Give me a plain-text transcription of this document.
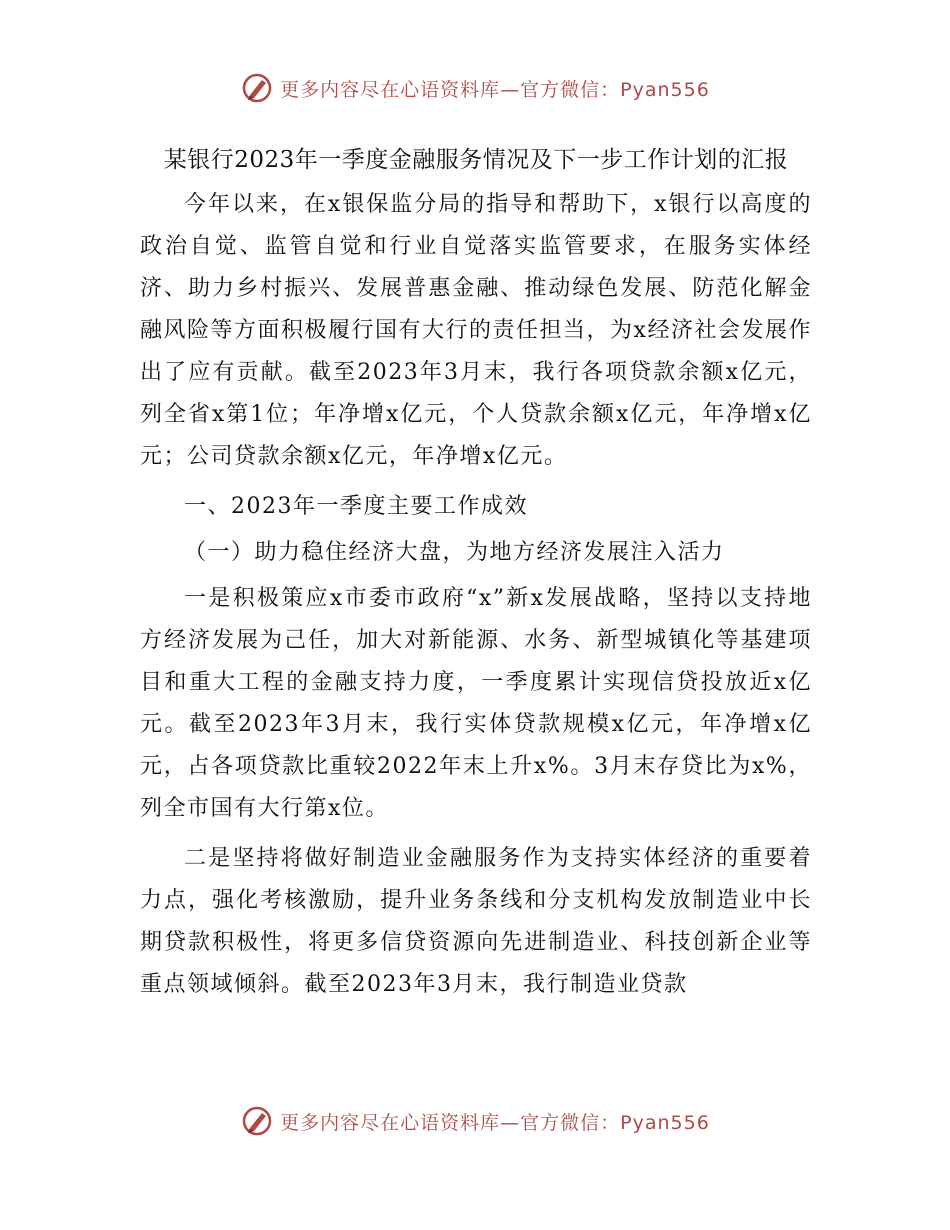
更多内容尽在心语资料库—官方微信：Pyan556

某银行2023年一季度金融服务情况及下一步工作计划的汇报

今年以来，在x银保监分局的指导和帮助下，x银行以高度的政治自觉、监管自觉和行业自觉落实监管要求，在服务实体经济、助力乡村振兴、发展普惠金融、推动绿色发展、防范化解金融风险等方面积极履行国有大行的责任担当，为x经济社会发展作出了应有贡献。截至2023年3月末，我行各项贷款余额x亿元，列全省x第1位；年净增x亿元，个人贷款余额x亿元，年净增x亿元；公司贷款余额x亿元，年净增x亿元。

一、2023年一季度主要工作成效

（一）助力稳住经济大盘，为地方经济发展注入活力

一是积极策应x市委市政府“x”新x发展战略，坚持以支持地方经济发展为己任，加大对新能源、水务、新型城镇化等基建项目和重大工程的金融支持力度，一季度累计实现信贷投放近x亿元。截至2023年3月末，我行实体贷款规模x亿元，年净增x亿元，占各项贷款比重较2022年末上升x%。3月末存贷比为x%，列全市国有大行第x位。

二是坚持将做好制造业金融服务作为支持实体经济的重要着力点，强化考核激励，提升业务条线和分支机构发放制造业中长期贷款积极性，将更多信贷资源向先进制造业、科技创新企业等重点领域倾斜。截至2023年3月末，我行制造业贷款

更多内容尽在心语资料库—官方微信：Pyan556
